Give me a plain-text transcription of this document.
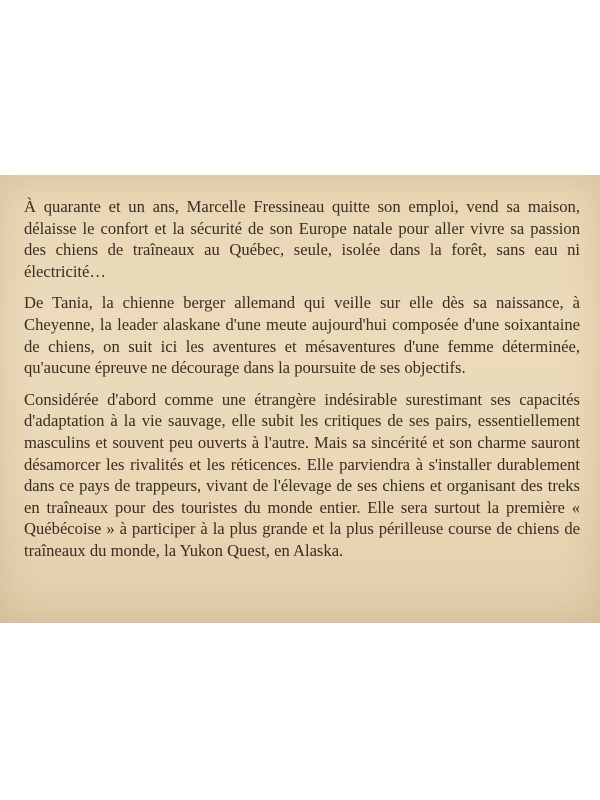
À quarante et un ans, Marcelle Fressineau quitte son emploi, vend sa maison, délaisse le confort et la sécurité de son Europe natale pour aller vivre sa passion des chiens de traîneaux au Québec, seule, isolée dans la forêt, sans eau ni électricité…

De Tania, la chienne berger allemand qui veille sur elle dès sa naissance, à Cheyenne, la leader alaskane d'une meute aujourd'hui composée d'une soixantaine de chiens, on suit ici les aventures et mésaventures d'une femme déterminée, qu'aucune épreuve ne décourage dans la poursuite de ses objectifs.

Considérée d'abord comme une étrangère indésirable surestimant ses capacités d'adaptation à la vie sauvage, elle subit les critiques de ses pairs, essentiellement masculins et souvent peu ouverts à l'autre. Mais sa sincérité et son charme sauront désamorcer les rivalités et les réticences. Elle parviendra à s'installer durablement dans ce pays de trappeurs, vivant de l'élevage de ses chiens et organisant des treks en traîneaux pour des touristes du monde entier. Elle sera surtout la première « Québécoise » à participer à la plus grande et la plus périlleuse course de chiens de traîneaux du monde, la Yukon Quest, en Alaska.
